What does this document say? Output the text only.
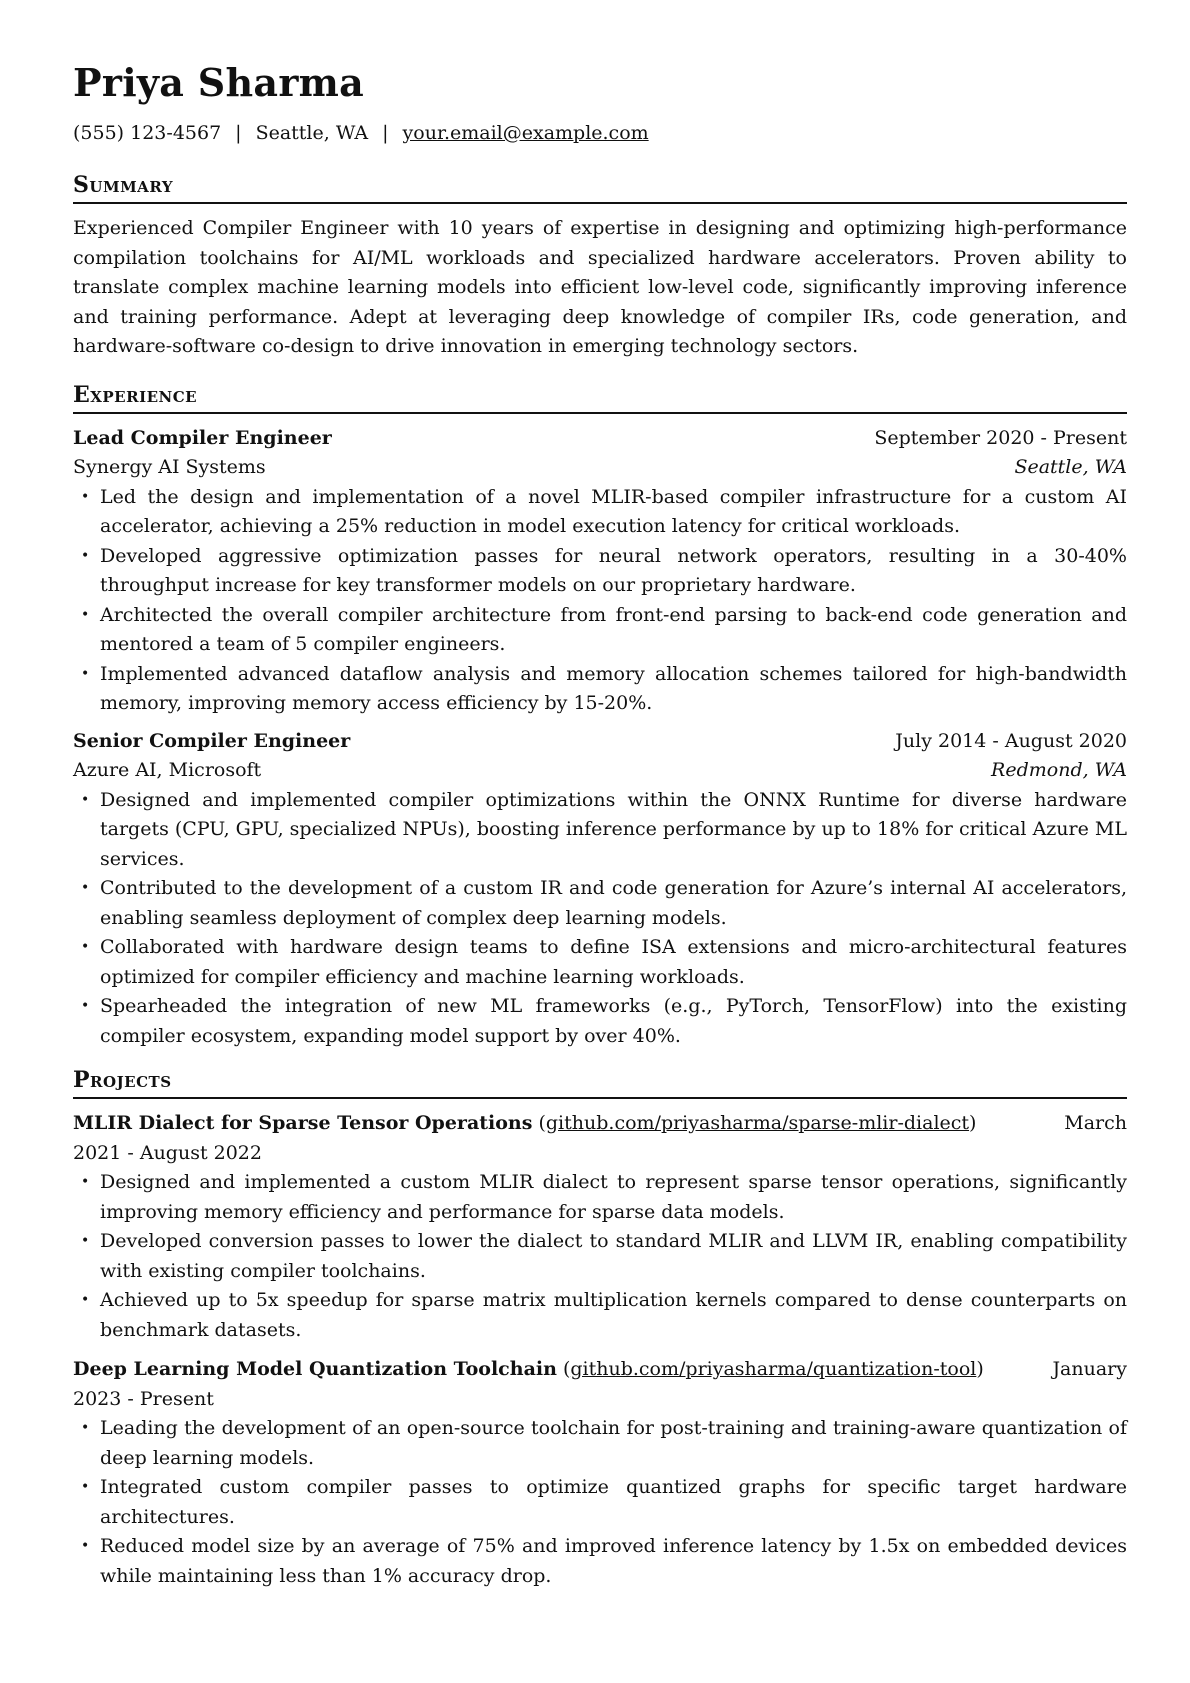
Priya Sharma
(555) 123-4567 | Seattle, WA | your.email@example.com
Summary
Experienced Compiler Engineer with 10 years of expertise in designing and optimizing high-performance compilation toolchains for AI/ML workloads and specialized hardware accelerators. Proven ability to translate complex machine learning models into efficient low-level code, significantly improving inference and training performance. Adept at leveraging deep knowledge of compiler IRs, code generation, and hardware-software co-design to drive innovation in emerging technology sectors.
Experience
Lead Compiler Engineer	September 2020 - Present
Synergy AI Systems	Seattle, WA
• Led the design and implementation of a novel MLIR-based compiler infrastructure for a custom AI accelerator, achieving a 25% reduction in model execution latency for critical workloads.
• Developed aggressive optimization passes for neural network operators, resulting in a 30-40% throughput increase for key transformer models on our proprietary hardware.
• Architected the overall compiler architecture from front-end parsing to back-end code generation and mentored a team of 5 compiler engineers.
• Implemented advanced dataflow analysis and memory allocation schemes tailored for high-bandwidth memory, improving memory access efficiency by 15-20%.
Senior Compiler Engineer	July 2014 - August 2020
Azure AI, Microsoft	Redmond, WA
• Designed and implemented compiler optimizations within the ONNX Runtime for diverse hardware targets (CPU, GPU, specialized NPUs), boosting inference performance by up to 18% for critical Azure ML services.
• Contributed to the development of a custom IR and code generation for Azure’s internal AI accelerators, enabling seamless deployment of complex deep learning models.
• Collaborated with hardware design teams to define ISA extensions and micro-architectural features optimized for compiler efficiency and machine learning workloads.
• Spearheaded the integration of new ML frameworks (e.g., PyTorch, TensorFlow) into the existing compiler ecosystem, expanding model support by over 40%.
Projects
March
MLIR Dialect for Sparse Tensor Operations (github.com/priyasharma/sparse-mlir-dialect)
2021 - August 2022
• Designed and implemented a custom MLIR dialect to represent sparse tensor operations, significantly improving memory efficiency and performance for sparse data models.
• Developed conversion passes to lower the dialect to standard MLIR and LLVM IR, enabling compatibility with existing compiler toolchains.
• Achieved up to 5x speedup for sparse matrix multiplication kernels compared to dense counterparts on benchmark datasets.
January
Deep Learning Model Quantization Toolchain (github.com/priyasharma/quantization-tool)
2023 - Present
• Leading the development of an open-source toolchain for post-training and training-aware quantization of deep learning models.
• Integrated custom compiler passes to optimize quantized graphs for specific target hardware architectures.
• Reduced model size by an average of 75% and improved inference latency by 1.5x on embedded devices while maintaining less than 1% accuracy drop.
